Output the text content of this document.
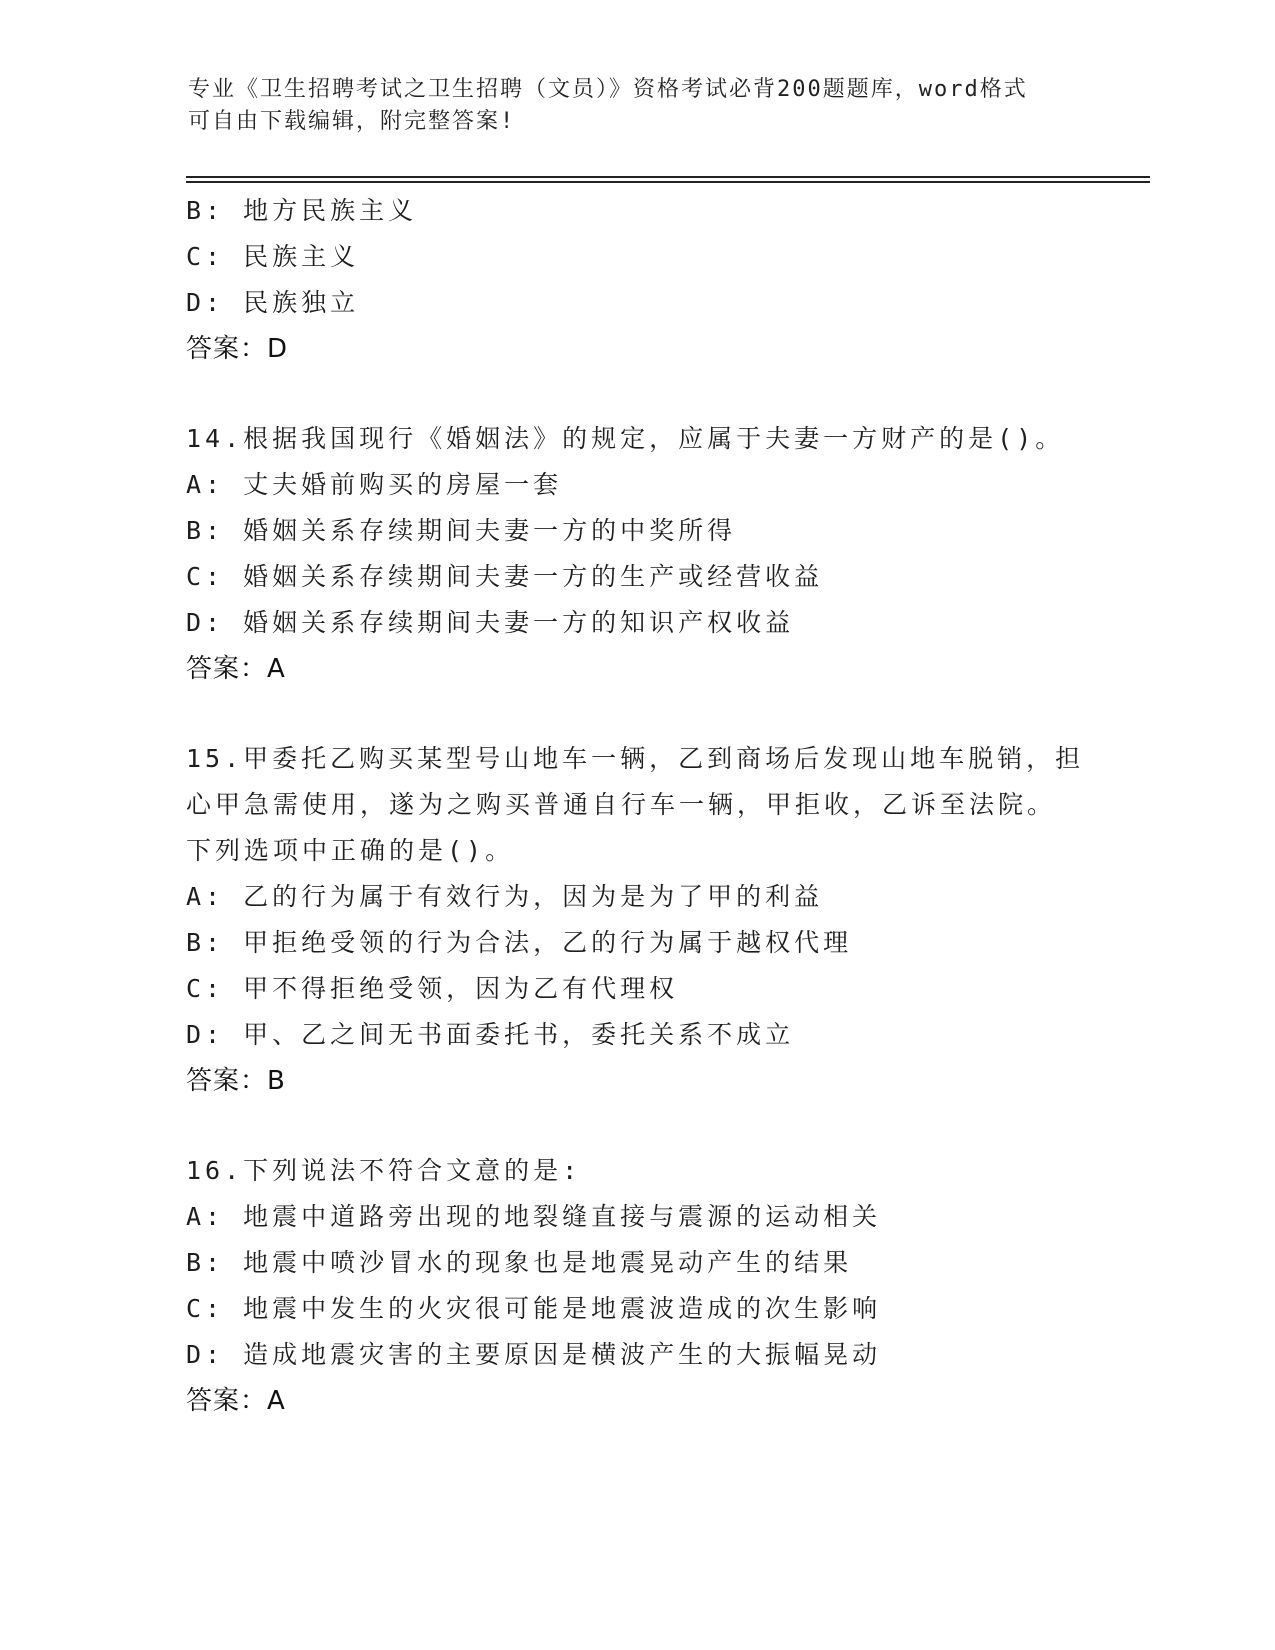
专业《卫生招聘考试之卫生招聘（文员）》资格考试必背200题题库，word格式
可自由下载编辑，附完整答案!
B: 地方民族主义
C: 民族主义
D: 民族独立
答案：D
14.根据我国现行《婚姻法》的规定，应属于夫妻一方财产的是()。
A: 丈夫婚前购买的房屋一套
B: 婚姻关系存续期间夫妻一方的中奖所得
C: 婚姻关系存续期间夫妻一方的生产或经营收益
D: 婚姻关系存续期间夫妻一方的知识产权收益
答案：A
15.甲委托乙购买某型号山地车一辆，乙到商场后发现山地车脱销，担
心甲急需使用，遂为之购买普通自行车一辆，甲拒收，乙诉至法院。
下列选项中正确的是()。
A: 乙的行为属于有效行为，因为是为了甲的利益
B: 甲拒绝受领的行为合法，乙的行为属于越权代理
C: 甲不得拒绝受领，因为乙有代理权
D: 甲、乙之间无书面委托书，委托关系不成立
答案：B
16.下列说法不符合文意的是:
A: 地震中道路旁出现的地裂缝直接与震源的运动相关
B: 地震中喷沙冒水的现象也是地震晃动产生的结果
C: 地震中发生的火灾很可能是地震波造成的次生影响
D: 造成地震灾害的主要原因是横波产生的大振幅晃动
答案：A
